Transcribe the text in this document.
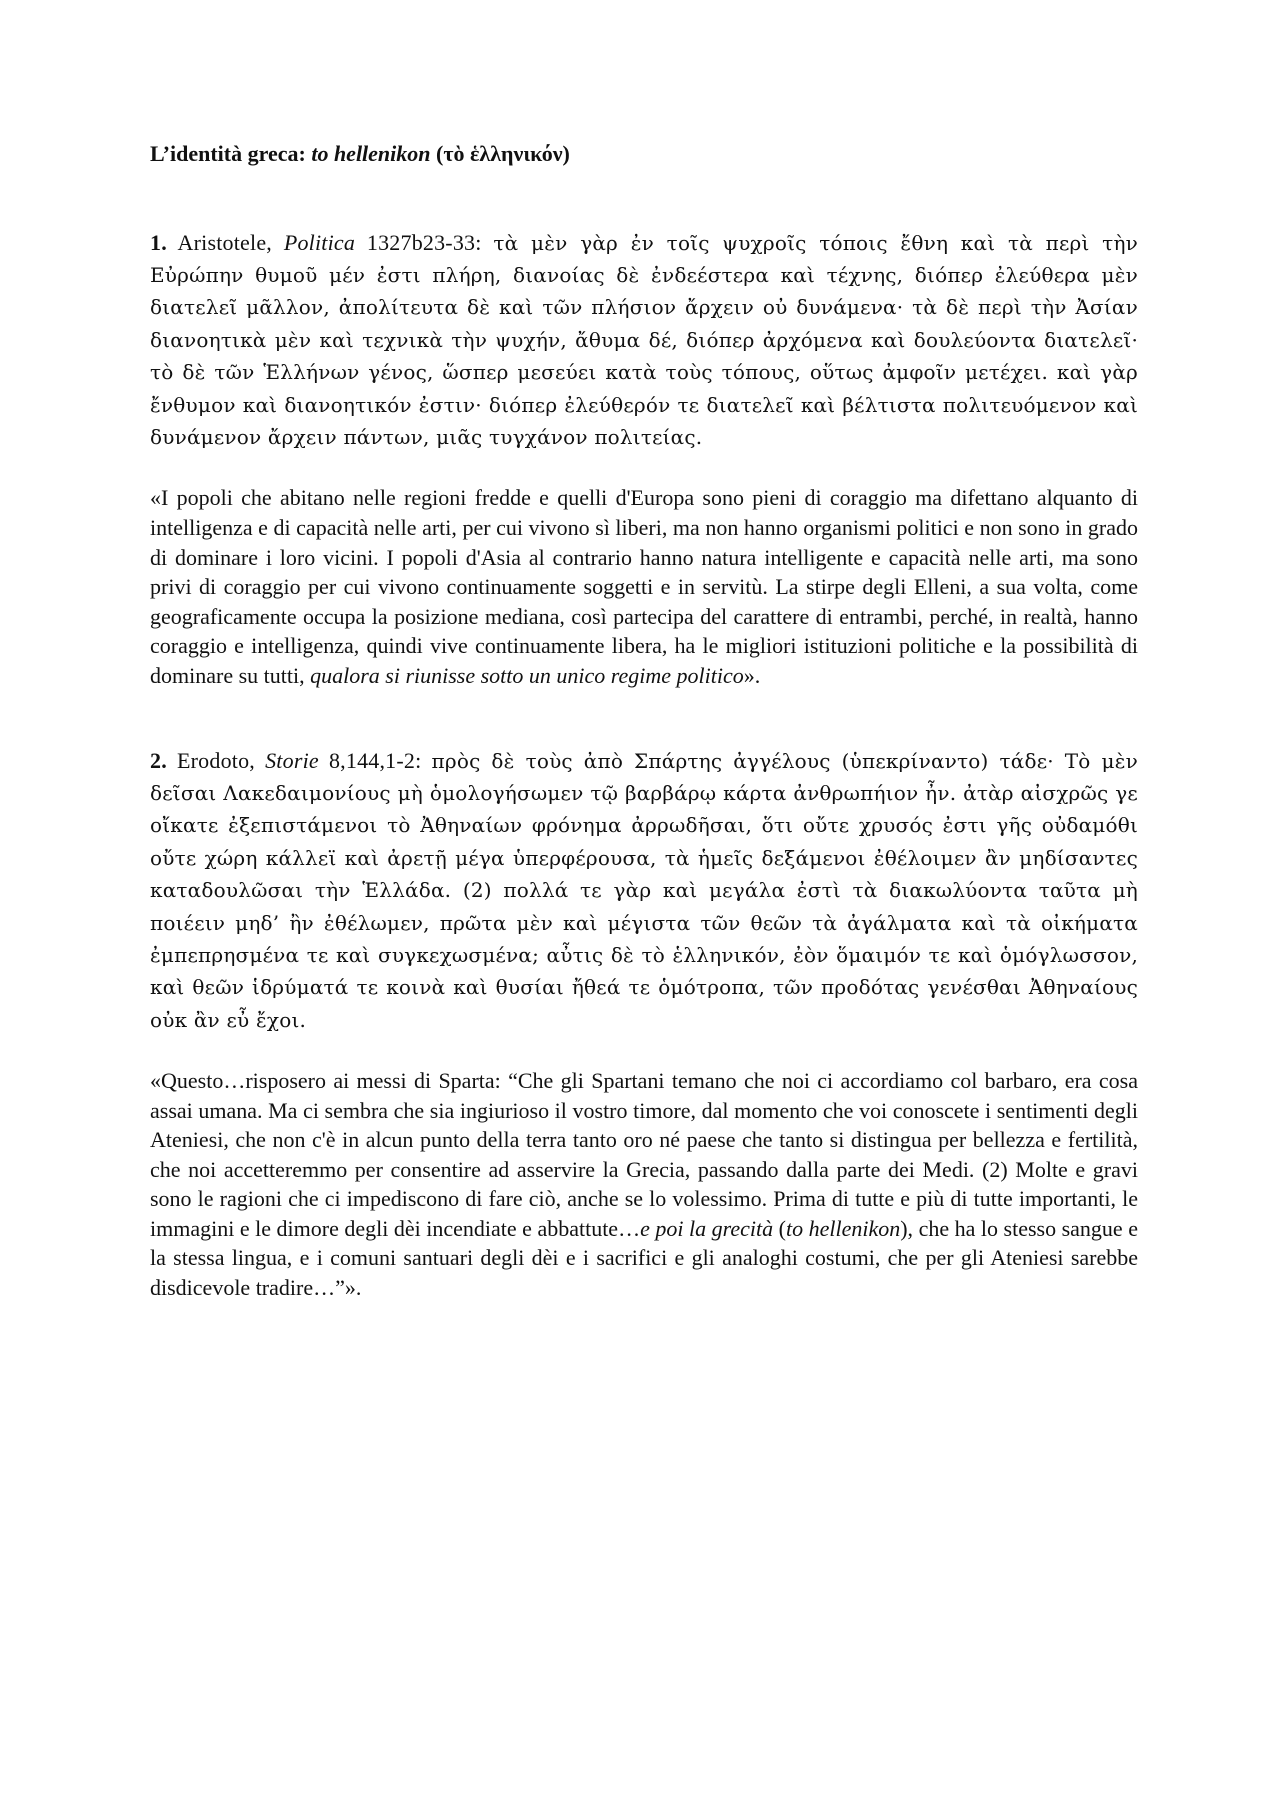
L’identità greca: to hellenikon (τὸ ἑλληνικόν)

1. Aristotele, Politica 1327b23-33: τὰ μὲν γὰρ ἐν τοῖς ψυχροῖς τόποις ἔθνη καὶ τὰ περὶ τὴν Εὐρώπην θυμοῦ μέν ἐστι πλήρη, διανοίας δὲ ἐνδεέστερα καὶ τέχνης, διόπερ ἐλεύθερα μὲν διατελεῖ μᾶλλον, ἀπολίτευτα δὲ καὶ τῶν πλήσιον ἄρχειν οὐ δυνάμενα· τὰ δὲ περὶ τὴν Ἀσίαν διανοητικὰ μὲν καὶ τεχνικὰ τὴν ψυχήν, ἄθυμα δέ, διόπερ ἀρχόμενα καὶ δουλεύοντα διατελεῖ· τὸ δὲ τῶν Ἑλλήνων γένος, ὥσπερ μεσεύει κατὰ τοὺς τόπους, οὕτως ἀμφοῖν μετέχει. καὶ γὰρ ἔνθυμον καὶ διανοητικόν ἐστιν· διόπερ ἐλεύθερόν τε διατελεῖ καὶ βέλτιστα πολιτευόμενον καὶ δυνάμενον ἄρχειν πάντων, μιᾶς τυγχάνον πολιτείας.

«I popoli che abitano nelle regioni fredde e quelli d'Europa sono pieni di coraggio ma difettano alquanto di intelligenza e di capacità nelle arti, per cui vivono sì liberi, ma non hanno organismi politici e non sono in grado di dominare i loro vicini. I popoli d'Asia al contrario hanno natura intelligente e capacità nelle arti, ma sono privi di coraggio per cui vivono continuamente soggetti e in servitù. La stirpe degli Elleni, a sua volta, come geograficamente occupa la posizione mediana, così partecipa del carattere di entrambi, perché, in realtà, hanno coraggio e intelligenza, quindi vive continuamente libera, ha le migliori istituzioni politiche e la possibilità di dominare su tutti, qualora si riunisse sotto un unico regime politico».

2. Erodoto, Storie 8,144,1-2: πρὸς δὲ τοὺς ἀπὸ Σπάρτης ἀγγέλους (ὑπεκρίναντο) τάδε· Τὸ μὲν δεῖσαι Λακεδαιμονίους μὴ ὁμολογήσωμεν τῷ βαρβάρῳ κάρτα ἀνθρωπήιον ἦν. ἀτὰρ αἰσχρῶς γε οἴκατε ἐξεπιστάμενοι τὸ Ἀθηναίων φρόνημα ἀρρωδῆσαι, ὅτι οὔτε χρυσός ἐστι γῆς οὐδαμόθι οὔτε χώρη κάλλεϊ καὶ ἀρετῇ μέγα ὑπερφέρουσα, τὰ ἡμεῖς δεξάμενοι ἐθέλοιμεν ἂν μηδίσαντες καταδουλῶσαι τὴν Ἑλλάδα. (2) πολλά τε γὰρ καὶ μεγάλα ἐστὶ τὰ διακωλύοντα ταῦτα μὴ ποιέειν μηδ’ ἢν ἐθέλωμεν, πρῶτα μὲν καὶ μέγιστα τῶν θεῶν τὰ ἀγάλματα καὶ τὰ οἰκήματα ἐμπεπρησμένα τε καὶ συγκεχωσμένα; αὖτις δὲ τὸ ἑλληνικόν, ἐὸν ὅμαιμόν τε καὶ ὁμόγλωσσον, καὶ θεῶν ἱδρύματά τε κοινὰ καὶ θυσίαι ἤθεά τε ὁμότροπα, τῶν προδότας γενέσθαι Ἀθηναίους οὐκ ἂν εὖ ἔχοι.

«Questo…risposero ai messi di Sparta: “Che gli Spartani temano che noi ci accordiamo col barbaro, era cosa assai umana. Ma ci sembra che sia ingiurioso il vostro timore, dal momento che voi conoscete i sentimenti degli Ateniesi, che non c'è in alcun punto della terra tanto oro né paese che tanto si distingua per bellezza e fertilità, che noi accetteremmo per consentire ad asservire la Grecia, passando dalla parte dei Medi. (2) Molte e gravi sono le ragioni che ci impediscono di fare ciò, anche se lo volessimo. Prima di tutte e più di tutte importanti, le immagini e le dimore degli dèi incendiate e abbattute…e poi la grecità (to hellenikon), che ha lo stesso sangue e la stessa lingua, e i comuni santuari degli dèi e i sacrifici e gli analoghi costumi, che per gli Ateniesi sarebbe disdicevole tradire…”».
